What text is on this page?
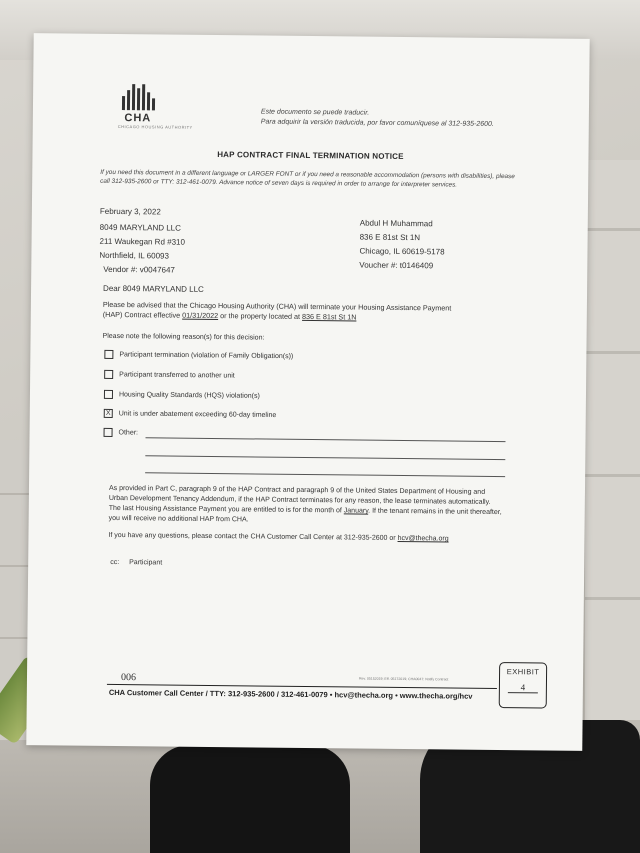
CHA
CHICAGO HOUSING AUTHORITY
Este documento se puede traducir.
Para adquirir la versión traducida, por favor comuníquese al 312-935-2600.
HAP CONTRACT FINAL TERMINATION NOTICE
If you need this document in a different language or LARGER FONT or if you need a reasonable accommodation (persons with disabilities), please call 312-935-2600 or TTY: 312-461-0079. Advance notice of seven days is required in order to arrange for interpreter services.
February 3, 2022
8049 MARYLAND LLC
211 Waukegan Rd #310
Northfield, IL 60093
Vendor #: v0047647
Abdul H Muhammad
836 E 81st St 1N
Chicago, IL 60619-5178
Voucher #: t0146409
Dear 8049 MARYLAND LLC
Please be advised that the Chicago Housing Authority (CHA) will terminate your Housing Assistance Payment
(HAP) Contract effective 01/31/2022 or the property located at 836 E 81st St 1N
Please note the following reason(s) for this decision:
Participant termination (violation of Family Obligation(s))
Participant transferred to another unit
Housing Quality Standards (HQS) violation(s)
X Unit is under abatement exceeding 60-day timeline
Other:
As provided in Part C, paragraph 9 of the HAP Contract and paragraph 9 of the United States Department of Housing and Urban Development Tenancy Addendum, if the HAP Contract terminates for any reason, the lease terminates automatically. The last Housing Assistance Payment you are entitled to is for the month of January. If the tenant remains in the unit thereafter, you will receive no additional HAP from CHA.
If you have any questions, please contact the CHA Customer Call Center at 312-935-2600 or hcv@thecha.org
cc: Participant
006	Rev. 05152019; Eff. 05172019; CHA0047: Notify Contract
CHA Customer Call Center / TTY: 312-935-2600 / 312-461-0079 • hcv@thecha.org • www.thecha.org/hcv
EXHIBIT
4
